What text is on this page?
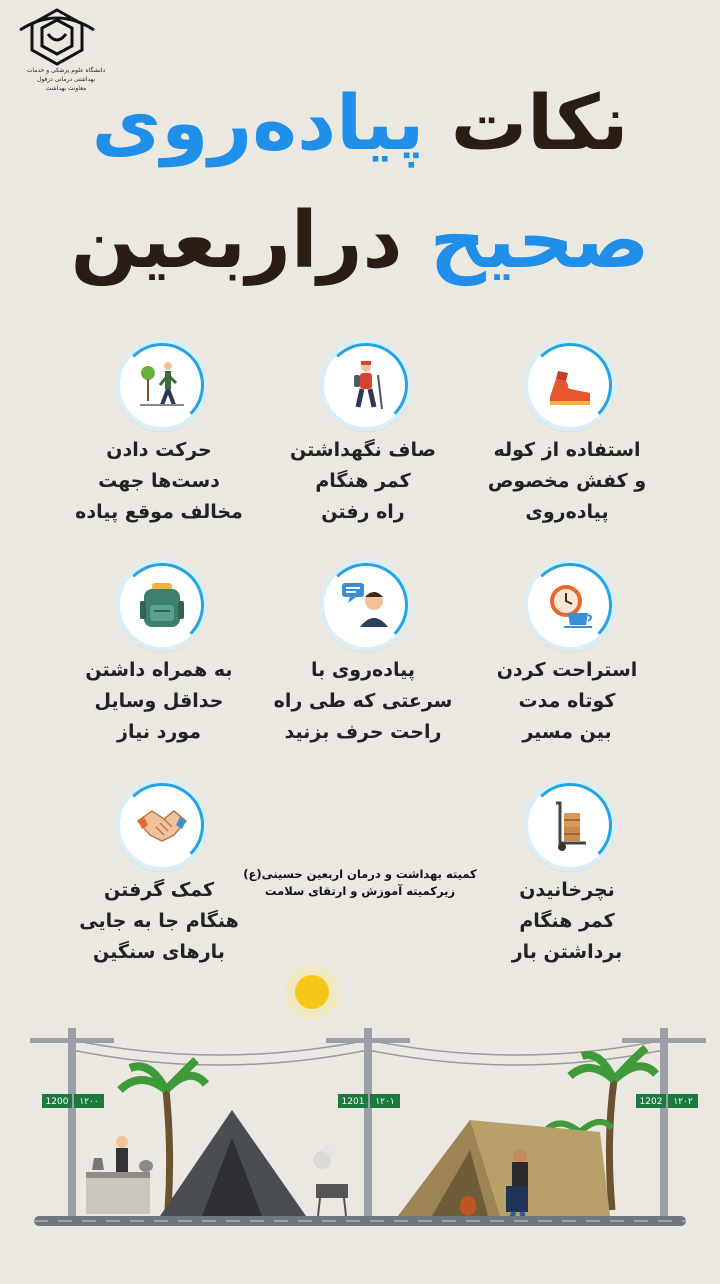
دانشگاه علوم پزشکی و خدمات بهداشتی درمانی دزفول
معاونت بهداشت	نکات پیاده‌روی
صحیح دراربعین
استفاده از کوله
و کفش مخصوص
پیاده‌روی
صاف نگهداشتن
کمر هنگام
راه رفتن
حرکت دادن
دست‌ها جهت
مخالف موقع پیاده
استراحت کردن
کوتاه مدت
بین مسیر
پیاده‌روی با
سرعتی که طی راه
راحت حرف بزنید
به همراه داشتن
حداقل وسایل
مورد نیاز
نچرخانیدن
کمر هنگام
برداشتن بار
کمک گرفتن
هنگام جا به جایی
بارهای سنگین
کمیته بهداشت و درمان اربعین حسینی(ع)
زیرکمیته آموزش و ارتقای سلامت
1200 ۱۲۰۰	1201 ۱۲۰۱	1202 ۱۲۰۲
